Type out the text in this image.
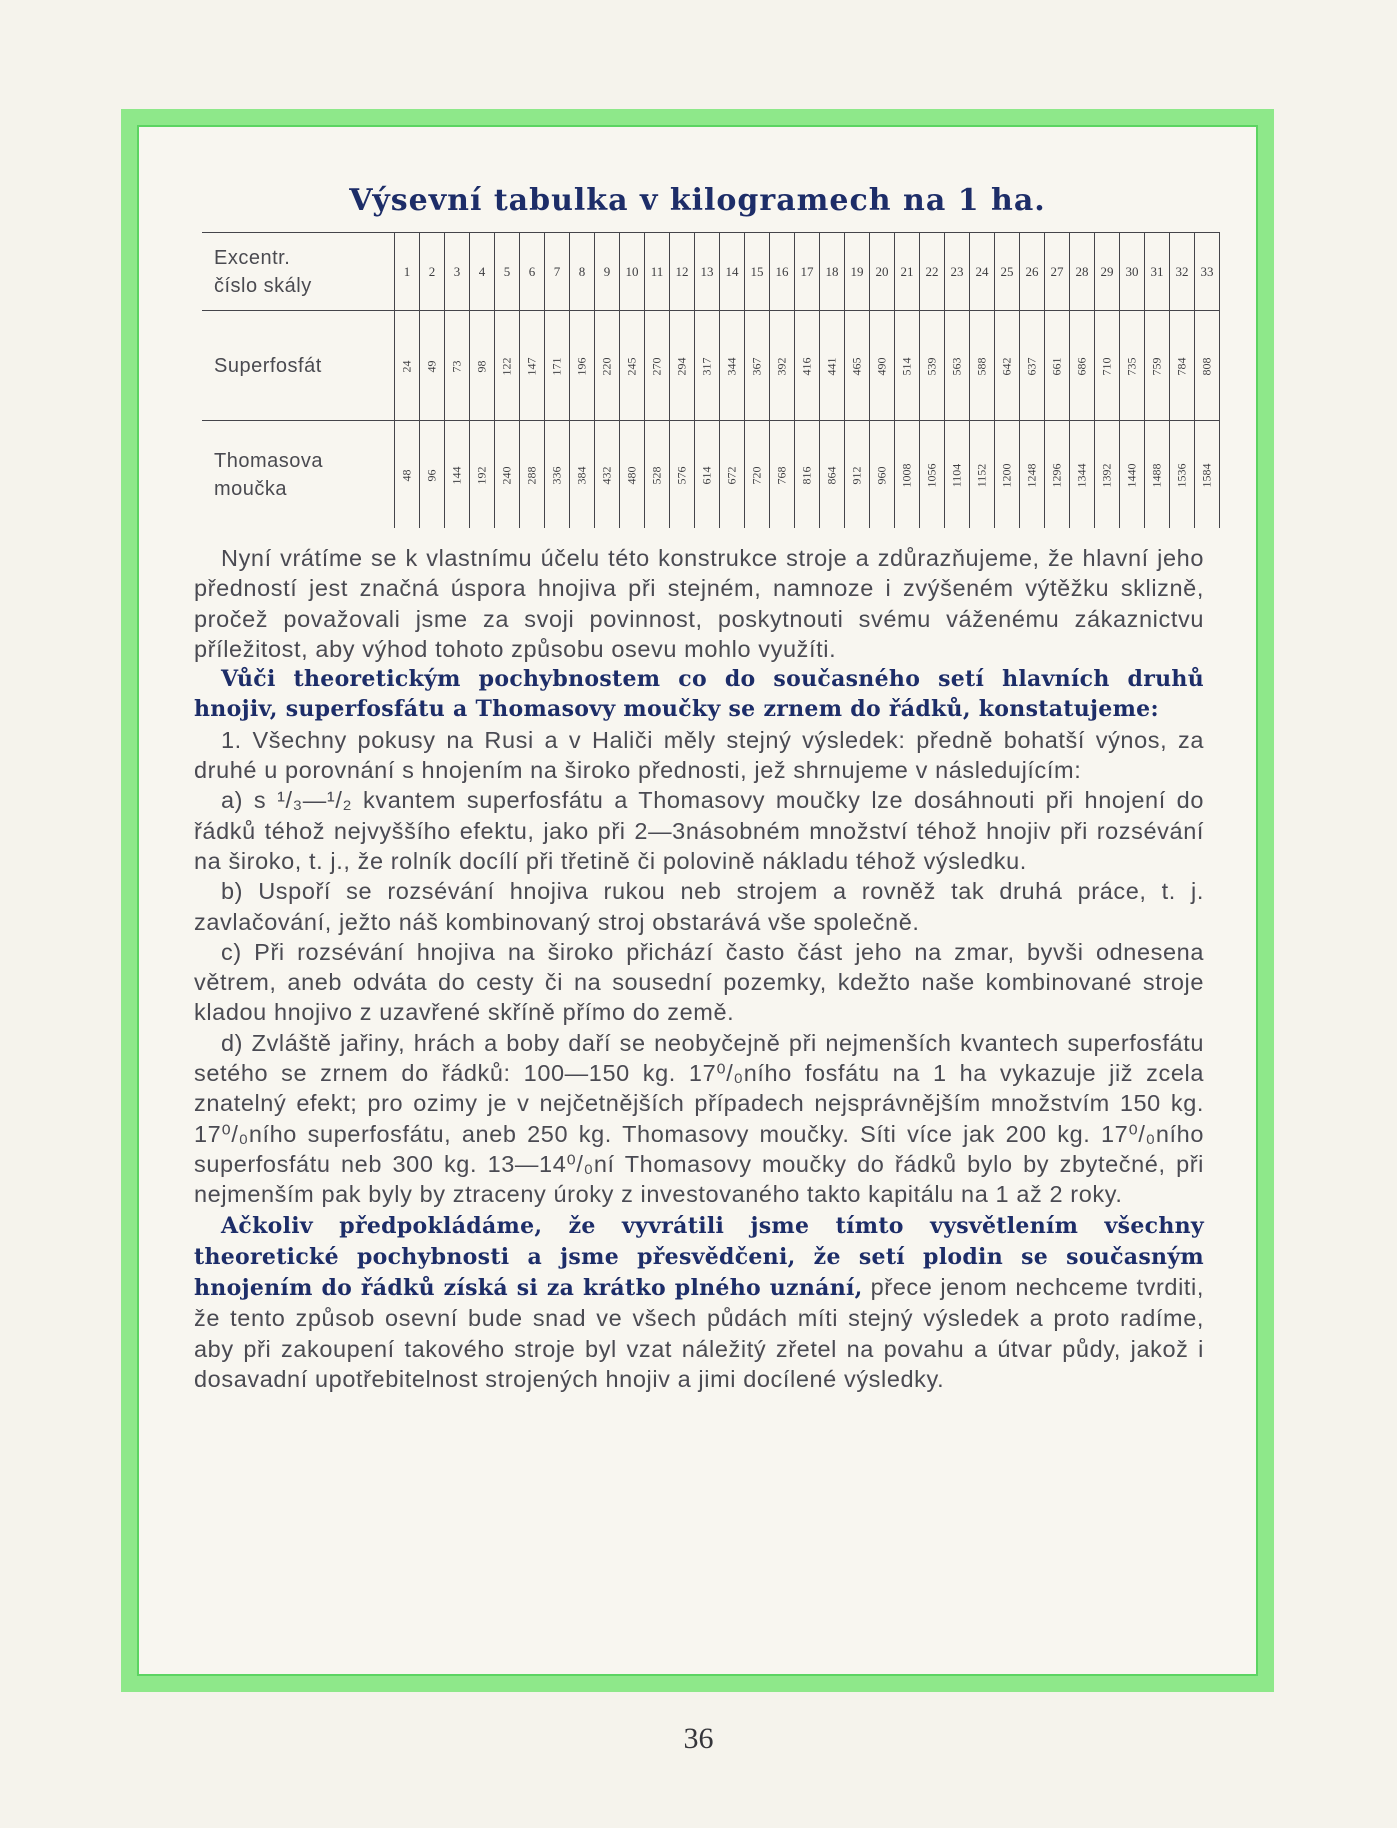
Výsevní tabulka v kilogramech na 1 ha.
Excentr.
číslo skály	1	2	3	4	5	6	7	8	9	10	11	12	13	14	15	16	17	18	19	20	21	22	23	24	25	26	27	28	29	30	31	32	33

Superfosfát	24	49	73	98	122	147	171	196	220	245	270	294	317	344	367	392	416	441	465	490	514	539	563	588	642	637	661	686	710	735	759	784	808

Thomasova
moučka	48	96	144	192	240	288	336	384	432	480	528	576	614	672	720	768	816	864	912	960	1008	1056	1104	1152	1200	1248	1296	1344	1392	1440	1488	1536	1584

Nyní vrátíme se k vlastnímu účelu této konstrukce stroje a zdůrazňujeme, že hlavní jeho předností jest značná úspora hnojiva při stejném, namnoze i zvýšeném výtěžku sklizně, pročež považovali jsme za svoji povinnost, poskytnouti svému váženému zákaznictvu příležitost, aby výhod tohoto způsobu osevu mohlo využíti.

Vůči theoretickým pochybnostem co do současného setí hlavních druhů hnojiv, superfosfátu a Thomasovy moučky se zrnem do řádků, konstatujeme:

1. Všechny pokusy na Rusi a v Haliči měly stejný výsledek: předně bohatší výnos, za druhé u porovnání s hnojením na široko přednosti, jež shrnujeme v následujícím:

a) s ¹/₃—¹/₂ kvantem superfosfátu a Thomasovy moučky lze dosáhnouti při hnojení do řádků téhož nejvyššího efektu, jako při 2—3násobném množství téhož hnojiv při rozsévání na široko, t. j., že rolník docílí při třetině či polovině nákladu téhož výsledku.

b) Uspoří se rozsévání hnojiva rukou neb strojem a rovněž tak druhá práce, t. j. zavlačování, ježto náš kombinovaný stroj obstarává vše společně.

c) Při rozsévání hnojiva na široko přichází často část jeho na zmar, byvši odnesena větrem, aneb odváta do cesty či na sousední pozemky, kdežto naše kombinované stroje kladou hnojivo z uzavřené skříně přímo do země.

d) Zvláště jařiny, hrách a boby daří se neobyčejně při nejmenších kvantech superfosfátu setého se zrnem do řádků: 100—150 kg. 17⁰/₀ního fosfátu na 1 ha vykazuje již zcela znatelný efekt; pro ozimy je v nejčetnějších případech nejsprávnějším množstvím 150 kg. 17⁰/₀ního superfosfátu, aneb 250 kg. Thomasovy moučky. Síti více jak 200 kg. 17⁰/₀ního superfosfátu neb 300 kg. 13—14⁰/₀ní Thomasovy moučky do řádků bylo by zbytečné, při nejmenším pak byly by ztraceny úroky z investovaného takto kapitálu na 1 až 2 roky.

Ačkoliv předpokládáme, že vyvrátili jsme tímto vysvětlením všechny theoretické pochybnosti a jsme přesvědčeni, že setí plodin se současným hnojením do řádků získá si za krátko plného uznání, přece jenom nechceme tvrditi, že tento způsob osevní bude snad ve všech půdách míti stejný výsledek a proto radíme, aby při zakoupení takového stroje byl vzat náležitý zřetel na povahu a útvar půdy, jakož i dosavadní upotřebitelnost strojených hnojiv a jimi docílené výsledky.

36
